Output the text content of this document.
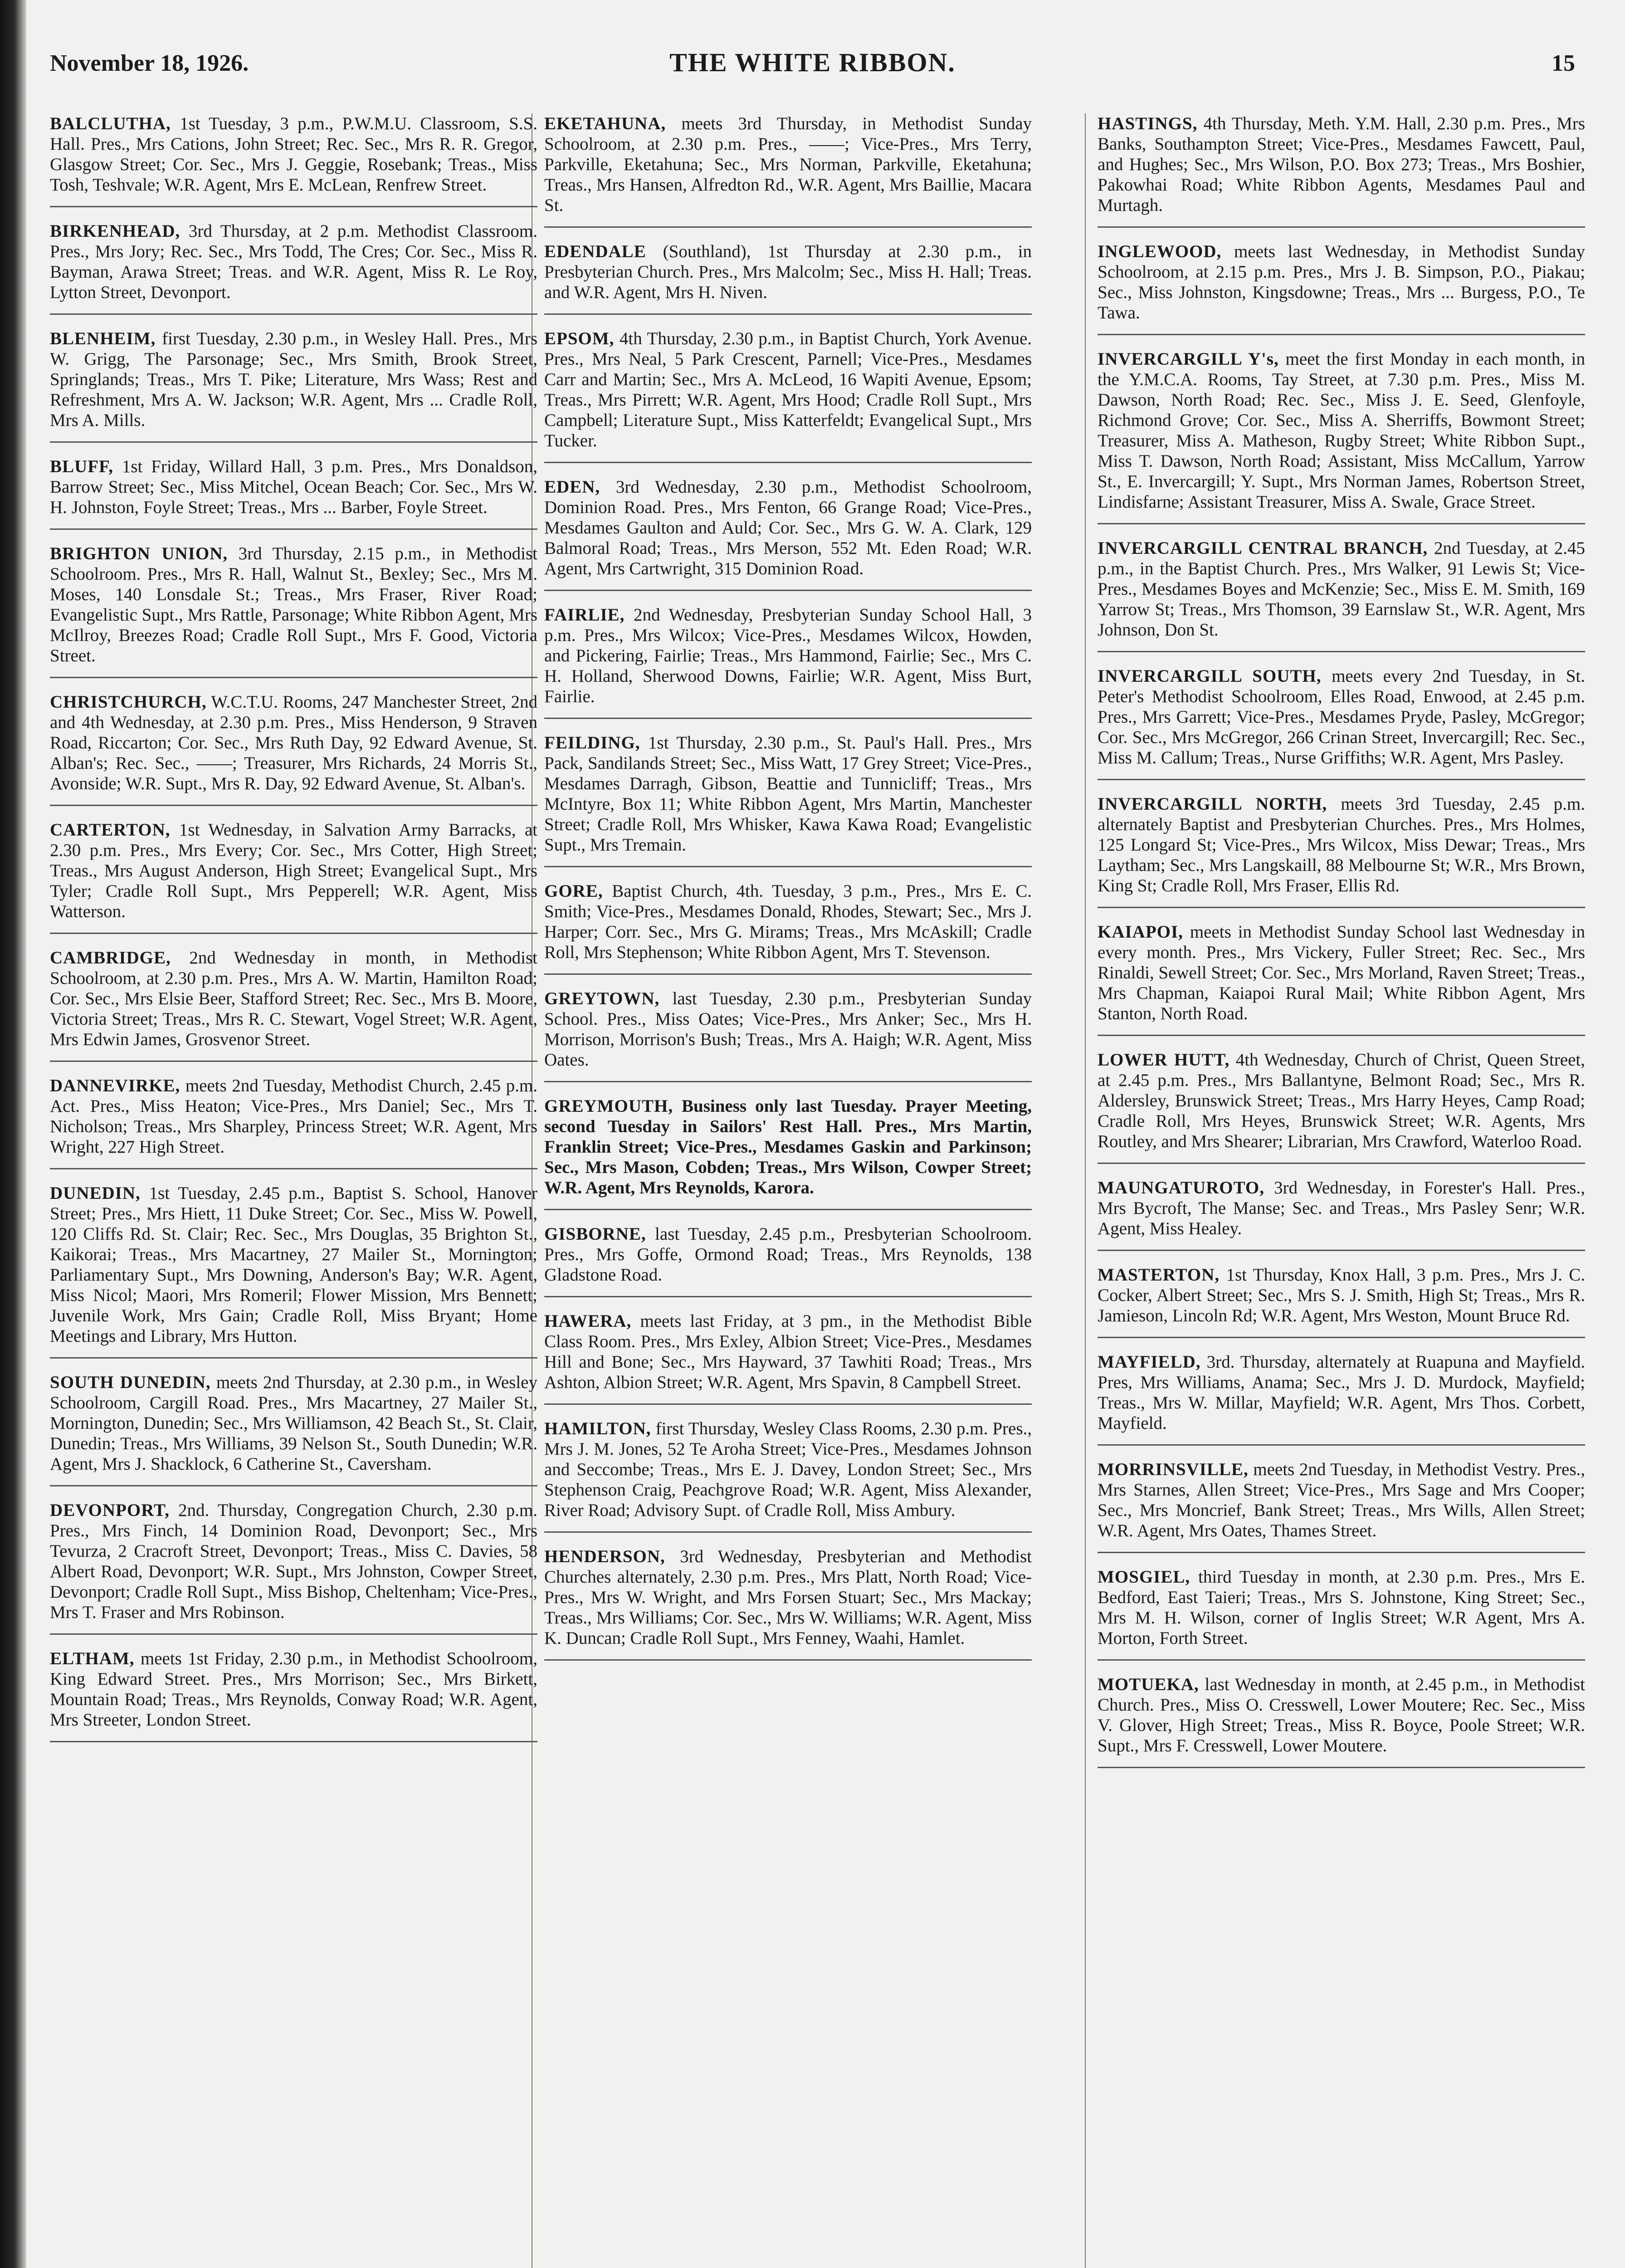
November 18, 1926.	THE WHITE RIBBON.	15

BALCLUTHA, 1st Tuesday, 3 p.m., P.W.M.U. Classroom, S.S. Hall. Pres., Mrs Cations, John Street; Rec. Sec., Mrs R. R. Gregor, Glasgow Street; Cor. Sec., Mrs J. Geggie, Rosebank; Treas., Miss Tosh, Teshvale; W.R. Agent, Mrs E. McLean, Renfrew Street.

BIRKENHEAD, 3rd Thursday, at 2 p.m. Methodist Classroom. Pres., Mrs Jory; Rec. Sec., Mrs Todd, The Cres; Cor. Sec., Miss R. Bayman, Arawa Street; Treas. and W.R. Agent, Miss R. Le Roy, Lytton Street, Devonport.

BLENHEIM, first Tuesday, 2.30 p.m., in Wesley Hall. Pres., Mrs W. Grigg, The Parsonage; Sec., Mrs Smith, Brook Street, Springlands; Treas., Mrs T. Pike; Literature, Mrs Wass; Rest and Refreshment, Mrs A. W. Jackson; W.R. Agent, Mrs ... Cradle Roll, Mrs A. Mills.

BLUFF, 1st Friday, Willard Hall, 3 p.m. Pres., Mrs Donaldson, Barrow Street; Sec., Miss Mitchel, Ocean Beach; Cor. Sec., Mrs W. H. Johnston, Foyle Street; Treas., Mrs ... Barber, Foyle Street.

BRIGHTON UNION, 3rd Thursday, 2.15 p.m., in Methodist Schoolroom. Pres., Mrs R. Hall, Walnut St., Bexley; Sec., Mrs M. Moses, 140 Lonsdale St.; Treas., Mrs Fraser, River Road; Evangelistic Supt., Mrs Rattle, Parsonage; White Ribbon Agent, Mrs McIlroy, Breezes Road; Cradle Roll Supt., Mrs F. Good, Victoria Street.

CHRISTCHURCH, W.C.T.U. Rooms, 247 Manchester Street, 2nd and 4th Wednesday, at 2.30 p.m. Pres., Miss Henderson, 9 Straven Road, Riccarton; Cor. Sec., Mrs Ruth Day, 92 Edward Avenue, St. Alban's; Rec. Sec., ——; Treasurer, Mrs Richards, 24 Morris St., Avonside; W.R. Supt., Mrs R. Day, 92 Edward Avenue, St. Alban's.

CARTERTON, 1st Wednesday, in Salvation Army Barracks, at 2.30 p.m. Pres., Mrs Every; Cor. Sec., Mrs Cotter, High Street; Treas., Mrs August Anderson, High Street; Evangelical Supt., Mrs Tyler; Cradle Roll Supt., Mrs Pepperell; W.R. Agent, Miss Watterson.

CAMBRIDGE, 2nd Wednesday in month, in Methodist Schoolroom, at 2.30 p.m. Pres., Mrs A. W. Martin, Hamilton Road; Cor. Sec., Mrs Elsie Beer, Stafford Street; Rec. Sec., Mrs B. Moore, Victoria Street; Treas., Mrs R. C. Stewart, Vogel Street; W.R. Agent, Mrs Edwin James, Grosvenor Street.

DANNEVIRKE, meets 2nd Tuesday, Methodist Church, 2.45 p.m. Act. Pres., Miss Heaton; Vice-Pres., Mrs Daniel; Sec., Mrs T. Nicholson; Treas., Mrs Sharpley, Princess Street; W.R. Agent, Mrs Wright, 227 High Street.

DUNEDIN, 1st Tuesday, 2.45 p.m., Baptist S. School, Hanover Street; Pres., Mrs Hiett, 11 Duke Street; Cor. Sec., Miss W. Powell, 120 Cliffs Rd. St. Clair; Rec. Sec., Mrs Douglas, 35 Brighton St., Kaikorai; Treas., Mrs Macartney, 27 Mailer St., Mornington; Parliamentary Supt., Mrs Downing, Anderson's Bay; W.R. Agent, Miss Nicol; Maori, Mrs Romeril; Flower Mission, Mrs Bennett; Juvenile Work, Mrs Gain; Cradle Roll, Miss Bryant; Home Meetings and Library, Mrs Hutton.

SOUTH DUNEDIN, meets 2nd Thursday, at 2.30 p.m., in Wesley Schoolroom, Cargill Road. Pres., Mrs Macartney, 27 Mailer St., Mornington, Dunedin; Sec., Mrs Williamson, 42 Beach St., St. Clair, Dunedin; Treas., Mrs Williams, 39 Nelson St., South Dunedin; W.R. Agent, Mrs J. Shacklock, 6 Catherine St., Caversham.

DEVONPORT, 2nd. Thursday, Congregation Church, 2.30 p.m. Pres., Mrs Finch, 14 Dominion Road, Devonport; Sec., Mrs Tevurza, 2 Cracroft Street, Devonport; Treas., Miss C. Davies, 58 Albert Road, Devonport; W.R. Supt., Mrs Johnston, Cowper Street, Devonport; Cradle Roll Supt., Miss Bishop, Cheltenham; Vice-Pres., Mrs T. Fraser and Mrs Robinson.

ELTHAM, meets 1st Friday, 2.30 p.m., in Methodist Schoolroom, King Edward Street. Pres., Mrs Morrison; Sec., Mrs Birkett, Mountain Road; Treas., Mrs Reynolds, Conway Road; W.R. Agent, Mrs Streeter, London Street.

EKETAHUNA, meets 3rd Thursday, in Methodist Sunday Schoolroom, at 2.30 p.m. Pres., ——; Vice-Pres., Mrs Terry, Parkville, Eketahuna; Sec., Mrs Norman, Parkville, Eketahuna; Treas., Mrs Hansen, Alfredton Rd., W.R. Agent, Mrs Baillie, Macara St.

EDENDALE (Southland), 1st Thursday at 2.30 p.m., in Presbyterian Church. Pres., Mrs Malcolm; Sec., Miss H. Hall; Treas. and W.R. Agent, Mrs H. Niven.

EPSOM, 4th Thursday, 2.30 p.m., in Baptist Church, York Avenue. Pres., Mrs Neal, 5 Park Crescent, Parnell; Vice-Pres., Mesdames Carr and Martin; Sec., Mrs A. McLeod, 16 Wapiti Avenue, Epsom; Treas., Mrs Pirrett; W.R. Agent, Mrs Hood; Cradle Roll Supt., Mrs Campbell; Literature Supt., Miss Katterfeldt; Evangelical Supt., Mrs Tucker.

EDEN, 3rd Wednesday, 2.30 p.m., Methodist Schoolroom, Dominion Road. Pres., Mrs Fenton, 66 Grange Road; Vice-Pres., Mesdames Gaulton and Auld; Cor. Sec., Mrs G. W. A. Clark, 129 Balmoral Road; Treas., Mrs Merson, 552 Mt. Eden Road; W.R. Agent, Mrs Cartwright, 315 Dominion Road.

FAIRLIE, 2nd Wednesday, Presbyterian Sunday School Hall, 3 p.m. Pres., Mrs Wilcox; Vice-Pres., Mesdames Wilcox, Howden, and Pickering, Fairlie; Treas., Mrs Hammond, Fairlie; Sec., Mrs C. H. Holland, Sherwood Downs, Fairlie; W.R. Agent, Miss Burt, Fairlie.

FEILDING, 1st Thursday, 2.30 p.m., St. Paul's Hall. Pres., Mrs Pack, Sandilands Street; Sec., Miss Watt, 17 Grey Street; Vice-Pres., Mesdames Darragh, Gibson, Beattie and Tunnicliff; Treas., Mrs McIntyre, Box 11; White Ribbon Agent, Mrs Martin, Manchester Street; Cradle Roll, Mrs Whisker, Kawa Kawa Road; Evangelistic Supt., Mrs Tremain.

GORE, Baptist Church, 4th. Tuesday, 3 p.m., Pres., Mrs E. C. Smith; Vice-Pres., Mesdames Donald, Rhodes, Stewart; Sec., Mrs J. Harper; Corr. Sec., Mrs G. Mirams; Treas., Mrs McAskill; Cradle Roll, Mrs Stephenson; White Ribbon Agent, Mrs T. Stevenson.

GREYTOWN, last Tuesday, 2.30 p.m., Presbyterian Sunday School. Pres., Miss Oates; Vice-Pres., Mrs Anker; Sec., Mrs H. Morrison, Morrison's Bush; Treas., Mrs A. Haigh; W.R. Agent, Miss Oates.

GREYMOUTH, Business only last Tuesday. Prayer Meeting, second Tuesday in Sailors' Rest Hall. Pres., Mrs Martin, Franklin Street; Vice-Pres., Mesdames Gaskin and Parkinson; Sec., Mrs Mason, Cobden; Treas., Mrs Wilson, Cowper Street; W.R. Agent, Mrs Reynolds, Karora.

GISBORNE, last Tuesday, 2.45 p.m., Presbyterian Schoolroom. Pres., Mrs Goffe, Ormond Road; Treas., Mrs Reynolds, 138 Gladstone Road.

HAWERA, meets last Friday, at 3 pm., in the Methodist Bible Class Room. Pres., Mrs Exley, Albion Street; Vice-Pres., Mesdames Hill and Bone; Sec., Mrs Hayward, 37 Tawhiti Road; Treas., Mrs Ashton, Albion Street; W.R. Agent, Mrs Spavin, 8 Campbell Street.

HAMILTON, first Thursday, Wesley Class Rooms, 2.30 p.m. Pres., Mrs J. M. Jones, 52 Te Aroha Street; Vice-Pres., Mesdames Johnson and Seccombe; Treas., Mrs E. J. Davey, London Street; Sec., Mrs Stephenson Craig, Peachgrove Road; W.R. Agent, Miss Alexander, River Road; Advisory Supt. of Cradle Roll, Miss Ambury.

HENDERSON, 3rd Wednesday, Presbyterian and Methodist Churches alternately, 2.30 p.m. Pres., Mrs Platt, North Road; Vice-Pres., Mrs W. Wright, and Mrs Forsen Stuart; Sec., Mrs Mackay; Treas., Mrs Williams; Cor. Sec., Mrs W. Williams; W.R. Agent, Miss K. Duncan; Cradle Roll Supt., Mrs Fenney, Waahi, Hamlet.

HASTINGS, 4th Thursday, Meth. Y.M. Hall, 2.30 p.m. Pres., Mrs Banks, Southampton Street; Vice-Pres., Mesdames Fawcett, Paul, and Hughes; Sec., Mrs Wilson, P.O. Box 273; Treas., Mrs Boshier, Pakowhai Road; White Ribbon Agents, Mesdames Paul and Murtagh.

INGLEWOOD, meets last Wednesday, in Methodist Sunday Schoolroom, at 2.15 p.m. Pres., Mrs J. B. Simpson, P.O., Piakau; Sec., Miss Johnston, Kingsdowne; Treas., Mrs ... Burgess, P.O., Te Tawa.

INVERCARGILL Y's, meet the first Monday in each month, in the Y.M.C.A. Rooms, Tay Street, at 7.30 p.m. Pres., Miss M. Dawson, North Road; Rec. Sec., Miss J. E. Seed, Glenfoyle, Richmond Grove; Cor. Sec., Miss A. Sherriffs, Bowmont Street; Treasurer, Miss A. Matheson, Rugby Street; White Ribbon Supt., Miss T. Dawson, North Road; Assistant, Miss McCallum, Yarrow St., E. Invercargill; Y. Supt., Mrs Norman James, Robertson Street, Lindisfarne; Assistant Treasurer, Miss A. Swale, Grace Street.

INVERCARGILL CENTRAL BRANCH, 2nd Tuesday, at 2.45 p.m., in the Baptist Church. Pres., Mrs Walker, 91 Lewis St; Vice-Pres., Mesdames Boyes and McKenzie; Sec., Miss E. M. Smith, 169 Yarrow St; Treas., Mrs Thomson, 39 Earnslaw St., W.R. Agent, Mrs Johnson, Don St.

INVERCARGILL SOUTH, meets every 2nd Tuesday, in St. Peter's Methodist Schoolroom, Elles Road, Enwood, at 2.45 p.m. Pres., Mrs Garrett; Vice-Pres., Mesdames Pryde, Pasley, McGregor; Cor. Sec., Mrs McGregor, 266 Crinan Street, Invercargill; Rec. Sec., Miss M. Callum; Treas., Nurse Griffiths; W.R. Agent, Mrs Pasley.

INVERCARGILL NORTH, meets 3rd Tuesday, 2.45 p.m. alternately Baptist and Presbyterian Churches. Pres., Mrs Holmes, 125 Longard St; Vice-Pres., Mrs Wilcox, Miss Dewar; Treas., Mrs Laytham; Sec., Mrs Langskaill, 88 Melbourne St; W.R., Mrs Brown, King St; Cradle Roll, Mrs Fraser, Ellis Rd.

KAIAPOI, meets in Methodist Sunday School last Wednesday in every month. Pres., Mrs Vickery, Fuller Street; Rec. Sec., Mrs Rinaldi, Sewell Street; Cor. Sec., Mrs Morland, Raven Street; Treas., Mrs Chapman, Kaiapoi Rural Mail; White Ribbon Agent, Mrs Stanton, North Road.

LOWER HUTT, 4th Wednesday, Church of Christ, Queen Street, at 2.45 p.m. Pres., Mrs Ballantyne, Belmont Road; Sec., Mrs R. Aldersley, Brunswick Street; Treas., Mrs Harry Heyes, Camp Road; Cradle Roll, Mrs Heyes, Brunswick Street; W.R. Agents, Mrs Routley, and Mrs Shearer; Librarian, Mrs Crawford, Waterloo Road.

MAUNGATUROTO, 3rd Wednesday, in Forester's Hall. Pres., Mrs Bycroft, The Manse; Sec. and Treas., Mrs Pasley Senr; W.R. Agent, Miss Healey.

MASTERTON, 1st Thursday, Knox Hall, 3 p.m. Pres., Mrs J. C. Cocker, Albert Street; Sec., Mrs S. J. Smith, High St; Treas., Mrs R. Jamieson, Lincoln Rd; W.R. Agent, Mrs Weston, Mount Bruce Rd.

MAYFIELD, 3rd. Thursday, alternately at Ruapuna and Mayfield. Pres, Mrs Williams, Anama; Sec., Mrs J. D. Murdock, Mayfield; Treas., Mrs W. Millar, Mayfield; W.R. Agent, Mrs Thos. Corbett, Mayfield.

MORRINSVILLE, meets 2nd Tuesday, in Methodist Vestry. Pres., Mrs Starnes, Allen Street; Vice-Pres., Mrs Sage and Mrs Cooper; Sec., Mrs Moncrief, Bank Street; Treas., Mrs Wills, Allen Street; W.R. Agent, Mrs Oates, Thames Street.

MOSGIEL, third Tuesday in month, at 2.30 p.m. Pres., Mrs E. Bedford, East Taieri; Treas., Mrs S. Johnstone, King Street; Sec., Mrs M. H. Wilson, corner of Inglis Street; W.R Agent, Mrs A. Morton, Forth Street.

MOTUEKA, last Wednesday in month, at 2.45 p.m., in Methodist Church. Pres., Miss O. Cresswell, Lower Moutere; Rec. Sec., Miss V. Glover, High Street; Treas., Miss R. Boyce, Poole Street; W.R. Supt., Mrs F. Cresswell, Lower Moutere.
